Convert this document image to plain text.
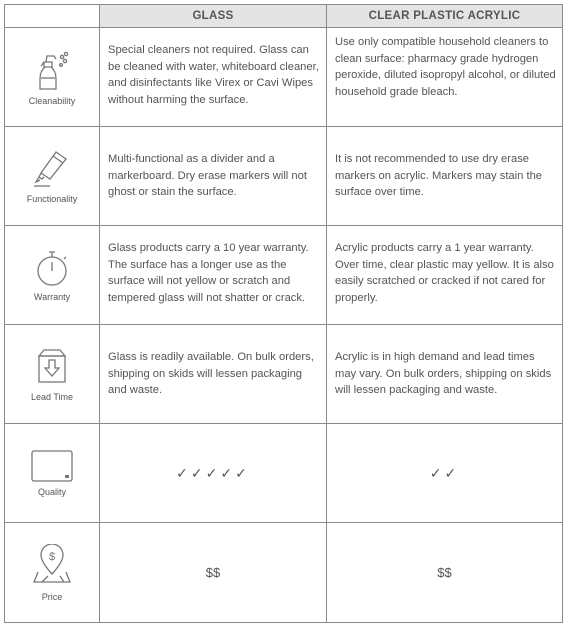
	GLASS	CLEAR PLASTIC ACRYLIC

Cleanability	Special cleaners not required. Glass can be cleaned with water, whiteboard cleaner, and disinfectants like Virex or Cavi Wipes without harming the surface.	Use only compatible household cleaners to clean surface: pharmacy grade hydrogen peroxide, diluted isopropyl alcohol, or diluted household grade bleach.

Functionality	Multi-functional as a divider and a markerboard. Dry erase markers will not ghost or stain the surface.	It is not recommended to use dry erase markers on acrylic. Markers may stain the surface over time.

Warranty	Glass products carry a 10 year warranty. The surface has a longer use as the surface will not yellow or scratch and tempered glass will not shatter or crack.	Acrylic products carry a 1 year warranty. Over time, clear plastic may yellow. It is also easily scratched or cracked if not cared for properly.

Lead Time	Glass is readily available. On bulk orders, shipping on skids will lessen packaging and waste.	Acrylic is in high demand and lead times may vary. On bulk orders, shipping on skids will lessen packaging and waste.

Quality	✓✓✓✓✓	✓✓

$
Price	$$	$$
